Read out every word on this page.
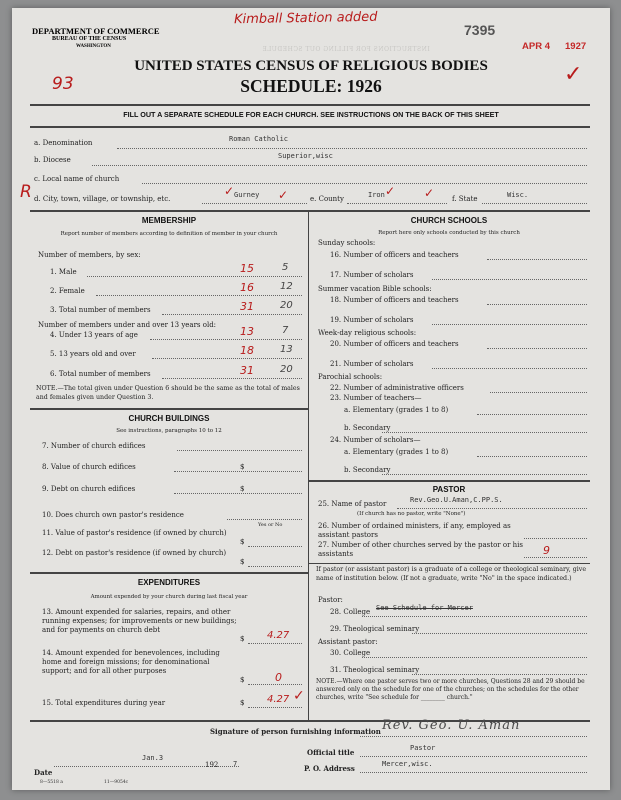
INSTRUCTIONS FOR FILLING OUT SCHEDULE
DEPARTMENT OF COMMERCE
BUREAU OF THE CENSUS
WASHINGTON
Kimball Station added
7395
APR 4 1927
✓
UNITED STATES CENSUS OF RELIGIOUS BODIES
SCHEDULE: 1926
93
FILL OUT A SEPARATE SCHEDULE FOR EACH CHURCH. SEE INSTRUCTIONS ON THE BACK OF THIS SHEET
a. Denomination	Roman Catholic
b. Diocese	Superior,wisc
c. Local name of church
R d. City, town, village, or township, etc.	Gurney
✓	✓	e. County	Iron ✓ ✓	f. State	Wisc.
MEMBERSHIP
Report number of members according to definition of member in your church
Number of members, by sex:
1. Male	15	5
2. Female	16	12
3. Total number of members	31	20
Number of members under and over 13 years old:
4. Under 13 years of age	13	7
5. 13 years old and over	18	13
6. Total number of members	31	20
NOTE.—The total given under Question 6 should be the same as the total of males and females given under Question 3.
CHURCH BUILDINGS
See instructions, paragraphs 10 to 12
7. Number of church edifices
8. Value of church edifices	$
9. Debt on church edifices	$
10. Does church own pastor's residence
Yes or No
11. Value of pastor's residence (if owned by church)
$
12. Debt on pastor's residence (if owned by church)
$
EXPENDITURES
Amount expended by your church during last fiscal year
13. Amount expended for salaries, repairs, and other running expenses; for improvements or new buildings; and for payments on church debt
$ 4.27
14. Amount expended for benevolences, including home and foreign missions; for denominational support; and for all other purposes
$	0
15. Total expenditures during year	$ 4.27 ✓
CHURCH SCHOOLS
Report here only schools conducted by this church
Sunday schools:
16. Number of officers and teachers
17. Number of scholars
Summer vacation Bible schools:
18. Number of officers and teachers
19. Number of scholars
Week-day religious schools:
20. Number of officers and teachers
21. Number of scholars
Parochial schools:
22. Number of administrative officers
23. Number of teachers—
a. Elementary (grades 1 to 8)
b. Secondary
24. Number of scholars—
a. Elementary (grades 1 to 8)
b. Secondary
PASTOR
25. Name of pastor	Rev.Geo.U.Aman,C.PP.S.
(If church has no pastor, write "None")
26. Number of ordained ministers, if any, employed as assistant pastors
27. Number of other churches served by the pastor or his assistants	9
If pastor (or assistant pastor) is a graduate of a college or theological seminary, give name of institution below. (If not a graduate, write "No" in the space indicated.)
Pastor:
28. College See Schedule for Mercer
29. Theological seminary
Assistant pastor:
30. College
31. Theological seminary
NOTE.—Where one pastor serves two or more churches, Questions 28 and 29 should be answered only on the schedule for one of the churches; on the schedules for the other churches, write "See schedule for ________ church."
Signature of person furnishing information Rev. Geo. U. Aman
Official title	Pastor
Date
Jan.3
192 7	P. O. Address	Mercer,wisc.
8—5518 a	11—9054c
